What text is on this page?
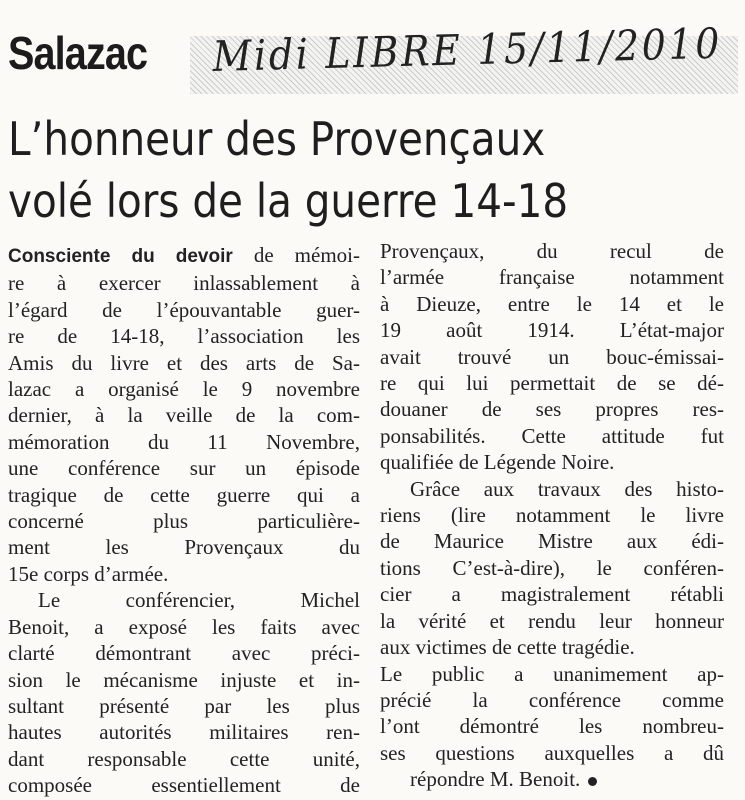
Salazac Midi LIBRE 15/11/2010
L’honneur des Provençaux
volé lors de la guerre 14-18
Consciente du devoir de mémoi-
re à exercer inlassablement à
l’égard de l’épouvantable guer-
re de 14-18, l’association les
Amis du livre et des arts de Sa-
lazac a organisé le 9 novembre
dernier, à la veille de la com-
mémoration du 11 Novembre,
une conférence sur un épisode
tragique de cette guerre qui a
concerné plus particulière-
ment les Provençaux du
15e corps d’armée.
Le conférencier, Michel
Benoit, a exposé les faits avec
clarté démontrant avec préci-
sion le mécanisme injuste et in-
sultant présenté par les plus
hautes autorités militaires ren-
dant responsable cette unité,
composée essentiellement de
Provençaux, du recul de
l’armée française notamment
à Dieuze, entre le 14 et le
19 août 1914. L’état-major
avait trouvé un bouc-émissai-
re qui lui permettait de se dé-
douaner de ses propres res-
ponsabilités. Cette attitude fut
qualifiée de Légende Noire.
Grâce aux travaux des histo-
riens (lire notamment le livre
de Maurice Mistre aux édi-
tions C’est-à-dire), le conféren-
cier a magistralement rétabli
la vérité et rendu leur honneur
aux victimes de cette tragédie.
Le public a unanimement ap-
précié la conférence comme
l’ont démontré les nombreu-
ses questions auxquelles a dû
répondre M. Benoit.
